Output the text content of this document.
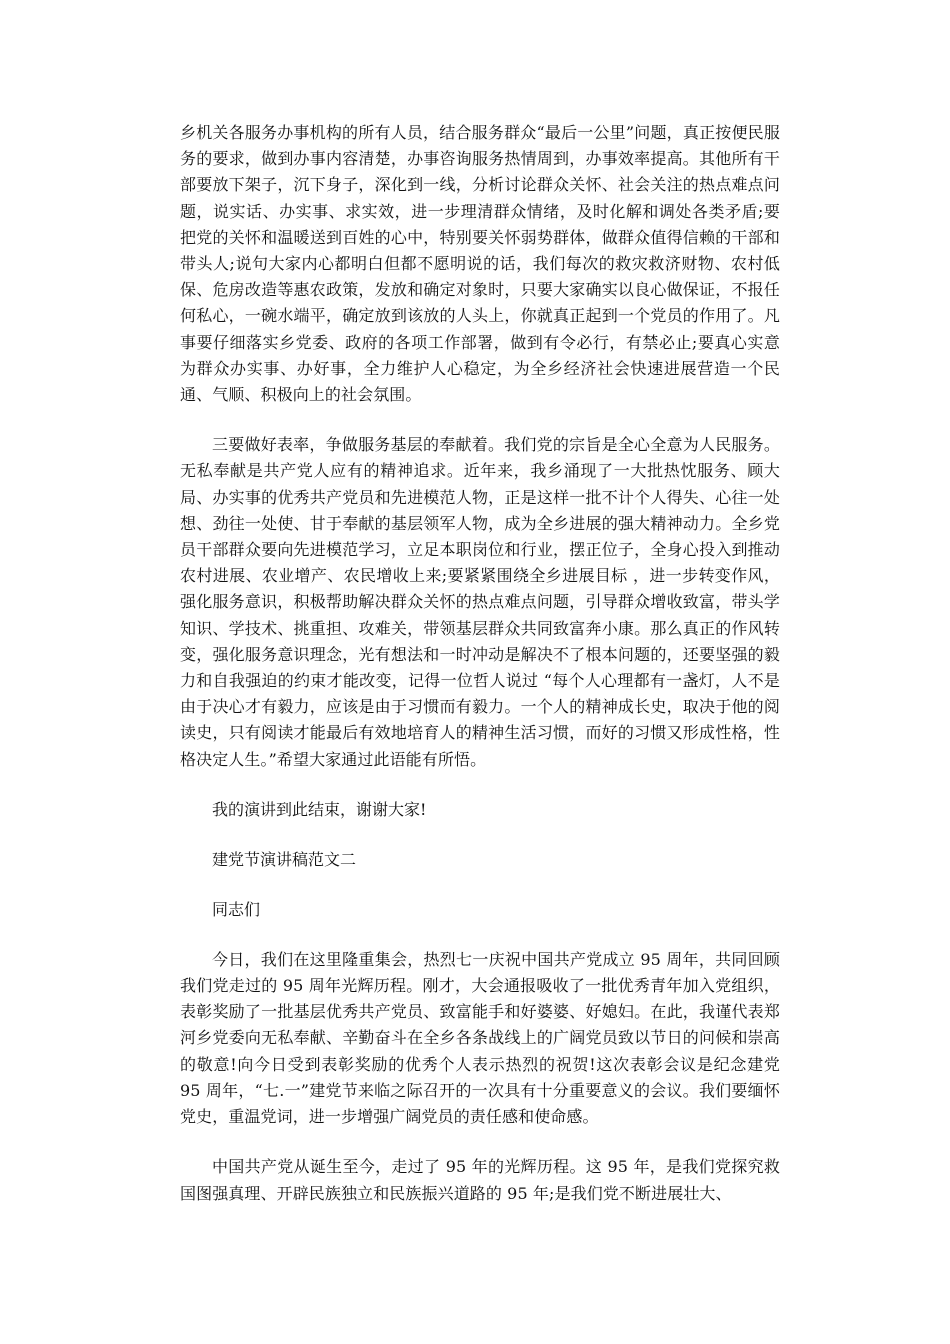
乡机关各服务办事机构的所有人员，结合服务群众“最后一公里”问题，真正按便民服务的要求，做到办事内容清楚，办事咨询服务热情周到，办事效率提高。其他所有干部要放下架子，沉下身子，深化到一线，分析讨论群众关怀、社会关注的热点难点问题，说实话、办实事、求实效，进一步理清群众情绪，及时化解和调处各类矛盾;要把党的关怀和温暖送到百姓的心中，特别要关怀弱势群体，做群众值得信赖的干部和带头人;说句大家内心都明白但都不愿明说的话，我们每次的救灾救济财物、农村低保、危房改造等惠农政策，发放和确定对象时，只要大家确实以良心做保证，不报任何私心，一碗水端平，确定放到该放的人头上，你就真正起到一个党员的作用了。凡事要仔细落实乡党委、政府的各项工作部署，做到有令必行，有禁必止;要真心实意为群众办实事、办好事，全力维护人心稳定，为全乡经济社会快速进展营造一个民通、气顺、积极向上的社会氛围。

三要做好表率，争做服务基层的奉献着。我们党的宗旨是全心全意为人民服务。无私奉献是共产党人应有的精神追求。近年来，我乡涌现了一大批热忱服务、顾大局、办实事的优秀共产党员和先进模范人物，正是这样一批不计个人得失、心往一处想、劲往一处使、甘于奉献的基层领军人物，成为全乡进展的强大精神动力。全乡党员干部群众要向先进模范学习，立足本职岗位和行业，摆正位子，全身心投入到推动农村进展、农业增产、农民增收上来;要紧紧围绕全乡进展目标 ，进一步转变作风，强化服务意识，积极帮助解决群众关怀的热点难点问题，引导群众增收致富，带头学知识、学技术、挑重担、攻难关，带领基层群众共同致富奔小康。那么真正的作风转变，强化服务意识理念，光有想法和一时冲动是解决不了根本问题的，还要坚强的毅力和自我强迫的约束才能改变，记得一位哲人说过 “每个人心理都有一盏灯，人不是由于决心才有毅力，应该是由于习惯而有毅力。一个人的精神成长史，取决于他的阅读史，只有阅读才能最后有效地培育人的精神生活习惯，而好的习惯又形成性格，性格决定人生。”希望大家通过此语能有所悟。

我的演讲到此结束，谢谢大家!

建党节演讲稿范文二

同志们

今日，我们在这里隆重集会，热烈七一庆祝中国共产党成立 95 周年，共同回顾我们党走过的 95 周年光辉历程。刚才，大会通报吸收了一批优秀青年加入党组织，表彰奖励了一批基层优秀共产党员、致富能手和好婆婆、好媳妇。在此，我谨代表郑河乡党委向无私奉献、辛勤奋斗在全乡各条战线上的广阔党员致以节日的问候和崇高的敬意!向今日受到表彰奖励的优秀个人表示热烈的祝贺!这次表彰会议是纪念建党 95 周年，“七.一”建党节来临之际召开的一次具有十分重要意义的会议。我们要缅怀党史，重温党词，进一步增强广阔党员的责任感和使命感。

中国共产党从诞生至今，走过了 95 年的光辉历程。这 95 年，是我们党探究救国图强真理、开辟民族独立和民族振兴道路的 95 年;是我们党不断进展壮大、
